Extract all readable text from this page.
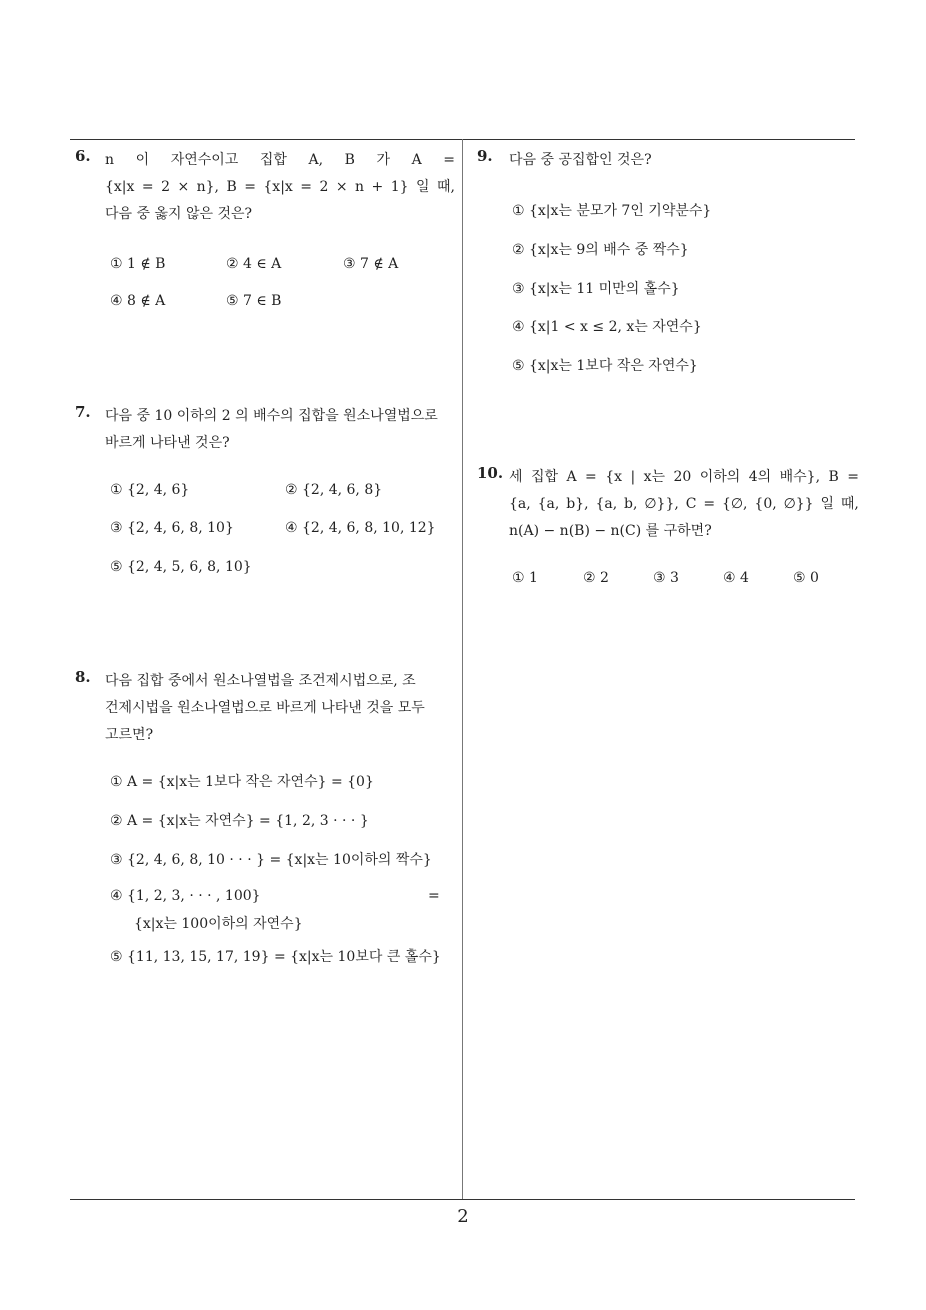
6. n 이 자연수이고 집합 A, B 가 A =
{x|x = 2 × n}, B = {x|x = 2 × n + 1} 일 때,
다음 중 옳지 않은 것은?
① 1 ∉ B	② 4 ∈ A	③ 7 ∉ A
④ 8 ∉ A	⑤ 7 ∈ B
7. 다음 중 10 이하의 2 의 배수의 집합을 원소나열법으로
바르게 나타낸 것은?
① {2, 4, 6}	② {2, 4, 6, 8}
③ {2, 4, 6, 8, 10}	④ {2, 4, 6, 8, 10, 12}
⑤ {2, 4, 5, 6, 8, 10}
8. 다음 집합 중에서 원소나열법을 조건제시법으로, 조
건제시법을 원소나열법으로 바르게 나타낸 것을 모두
고르면?
① A = {x|x는 1보다 작은 자연수} = {0}
② A = {x|x는 자연수} = {1, 2, 3 · · · }
③ {2, 4, 6, 8, 10 · · · } = {x|x는 10이하의 짝수}
④ {1, 2, 3, · · · , 100}	=
{x|x는 100이하의 자연수}
⑤ {11, 13, 15, 17, 19} = {x|x는 10보다 큰 홀수}
9. 다음 중 공집합인 것은?
① {x|x는 분모가 7인 기약분수}
② {x|x는 9의 배수 중 짝수}
③ {x|x는 11 미만의 홀수}
④ {x|1 < x ≤ 2, x는 자연수}
⑤ {x|x는 1보다 작은 자연수}
10. 세 집합 A = {x | x는 20 이하의 4의 배수}, B =
{a, {a, b}, {a, b, ∅}}, C = {∅, {0, ∅}} 일 때,
n(A) − n(B) − n(C) 를 구하면?
① 1	② 2	③ 3	④ 4	⑤ 0
2
